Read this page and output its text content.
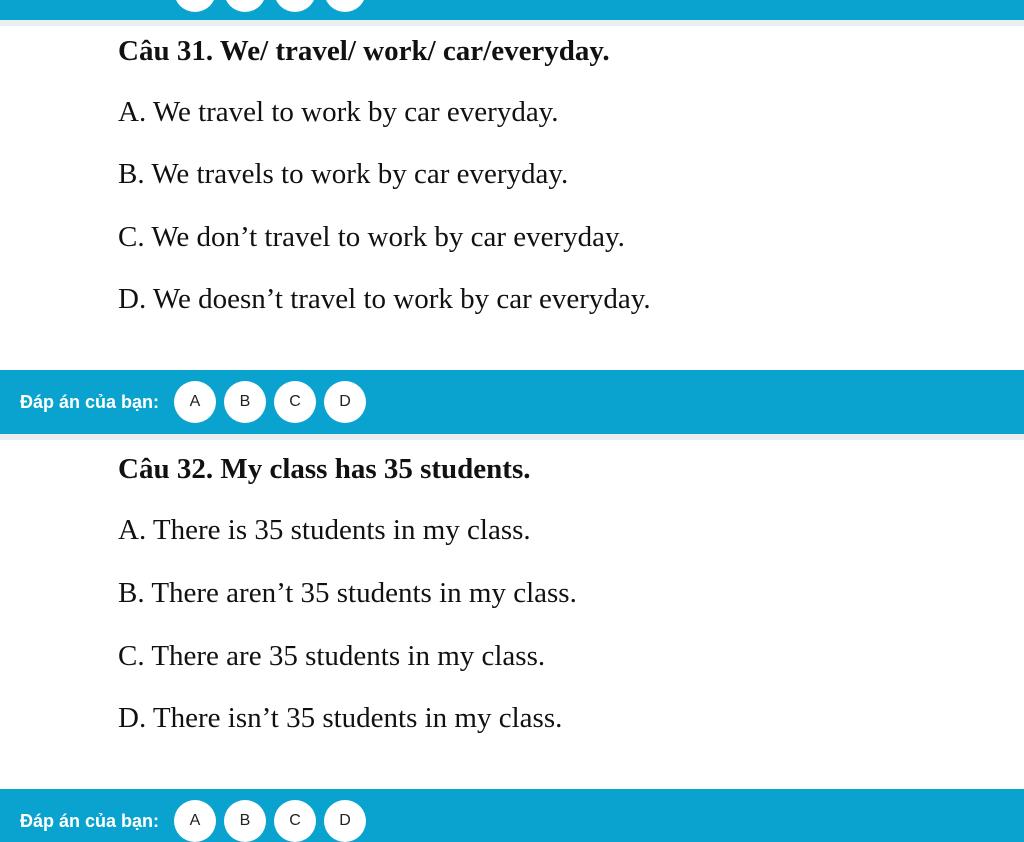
Câu 31. We/ travel/ work/ car/everyday.
A. We travel to work by car everyday.
B. We travels to work by car everyday.
C. We don’t travel to work by car everyday.
D. We doesn’t travel to work by car everyday.
Đáp án của bạn:	A	B	C	D
Câu 32. My class has 35 students.
A. There is 35 students in my class.
B. There aren’t 35 students in my class.
C. There are 35 students in my class.
D. There isn’t 35 students in my class.
Đáp án của bạn:	A	B	C	D
